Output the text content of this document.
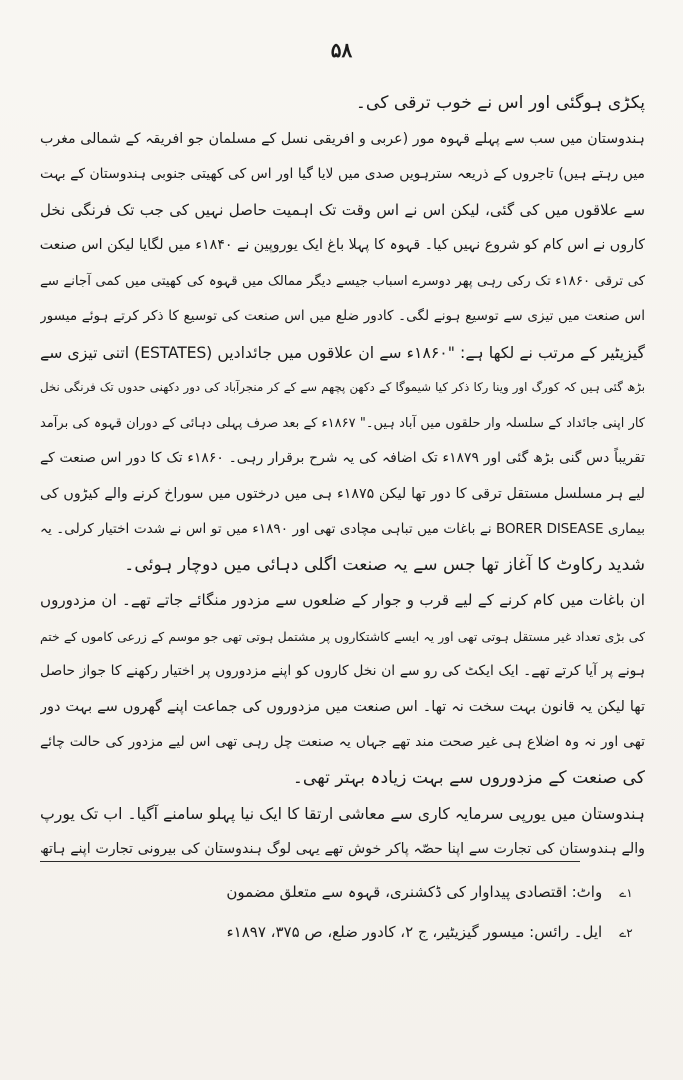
۵۸
پکڑی ہوگئی اور اس نے خوب ترقی کی۔
ہندوستان میں سب سے پہلے قہوہ مور (عربی و افریقی نسل کے مسلمان جو افریقہ کے شمالی مغرب
میں رہتے ہیں) تاجروں کے ذریعہ سترہویں صدی میں لایا گیا اور اس کی کھیتی جنوبی ہندوستان کے بہت
سے علاقوں میں کی گئی، لیکن اس نے اس وقت تک اہمیت حاصل نہیں کی جب تک فرنگی نخل
کاروں نے اس کام کو شروع نہیں کیا۔ قہوہ کا پہلا باغ ایک یوروپین نے ۱۸۴۰ء میں لگایا لیکن اس صنعت
کی ترقی ۱۸۶۰ء تک رکی رہی پھر دوسرے اسباب جیسے دیگر ممالک میں قہوہ کی کھیتی میں کمی آجانے سے
اس صنعت میں تیزی سے توسیع ہونے لگی۔ کادور ضلع میں اس صنعت کی توسیع کا ذکر کرتے ہوئے میسور
گیزیٹیر کے مرتب نے لکھا ہے: "۱۸۶۰ء سے ان علاقوں میں جائدادیں (ESTATES) اتنی تیزی سے
بڑھ گئی ہیں کہ کورگ اور وینا رکا ذکر کیا شیموگا کے دکھن پچھم سے کے کر منجرآباد کی دور دکھنی حدوں تک فرنگی نخل
کار اپنی جائداد کے سلسلہ وار حلقوں میں آباد ہیں۔" ۱۸۶۷ء کے بعد صرف پہلی دہائی کے دوران قہوہ کی برآمد
تقریباً دس گنی بڑھ گئی اور ۱۸۷۹ء تک اضافہ کی یہ شرح برقرار رہی۔ ۱۸۶۰ء تک کا دور اس صنعت کے
لیے ہر مسلسل مستقل ترقی کا دور تھا لیکن ۱۸۷۵ء ہی میں درختوں میں سوراخ کرنے والے کیڑوں کی
بیماری BORER DISEASE نے باغات میں تباہی مچادی تھی اور ۱۸۹۰ء میں تو اس نے شدت اختیار کرلی۔ یہ
شدید رکاوٹ کا آغاز تھا جس سے یہ صنعت اگلی دہائی میں دوچار ہوئی۔
ان باغات میں کام کرنے کے لیے قرب و جوار کے ضلعوں سے مزدور منگائے جاتے تھے۔ ان مزدوروں
کی بڑی تعداد غیر مستقل ہوتی تھی اور یہ ایسے کاشتکاروں پر مشتمل ہوتی تھی جو موسم کے زرعی کاموں کے ختم
ہونے پر آیا کرتے تھے۔ ایک ایکٹ کی رو سے ان نخل کاروں کو اپنے مزدوروں پر اختیار رکھنے کا جواز حاصل
تھا لیکن یہ قانون بہت سخت نہ تھا۔ اس صنعت میں مزدوروں کی جماعت اپنے گھروں سے بہت دور
تھی اور نہ وہ اضلاع ہی غیر صحت مند تھے جہاں یہ صنعت چل رہی تھی اس لیے مزدور کی حالت چائے
کی صنعت کے مزدوروں سے بہت زیادہ بہتر تھی۔
ہندوستان میں یورپی سرمایہ کاری سے معاشی ارتقا کا ایک نیا پہلو سامنے آگیا۔ اب تک یورپ
والے ہندوستان کی تجارت سے اپنا حصّہ پاکر خوش تھے یہی لوگ ہندوستان کی بیرونی تجارت اپنے ہاتھ
۱ے واٹ: اقتصادی پیداوار کی ڈکشنری، قہوہ سے متعلق مضمون
۲ے ایل۔ رائس: میسور گیزیٹیر، ج ۲، کادور ضلع، ص ۳۷۵، ۱۸۹۷ء
